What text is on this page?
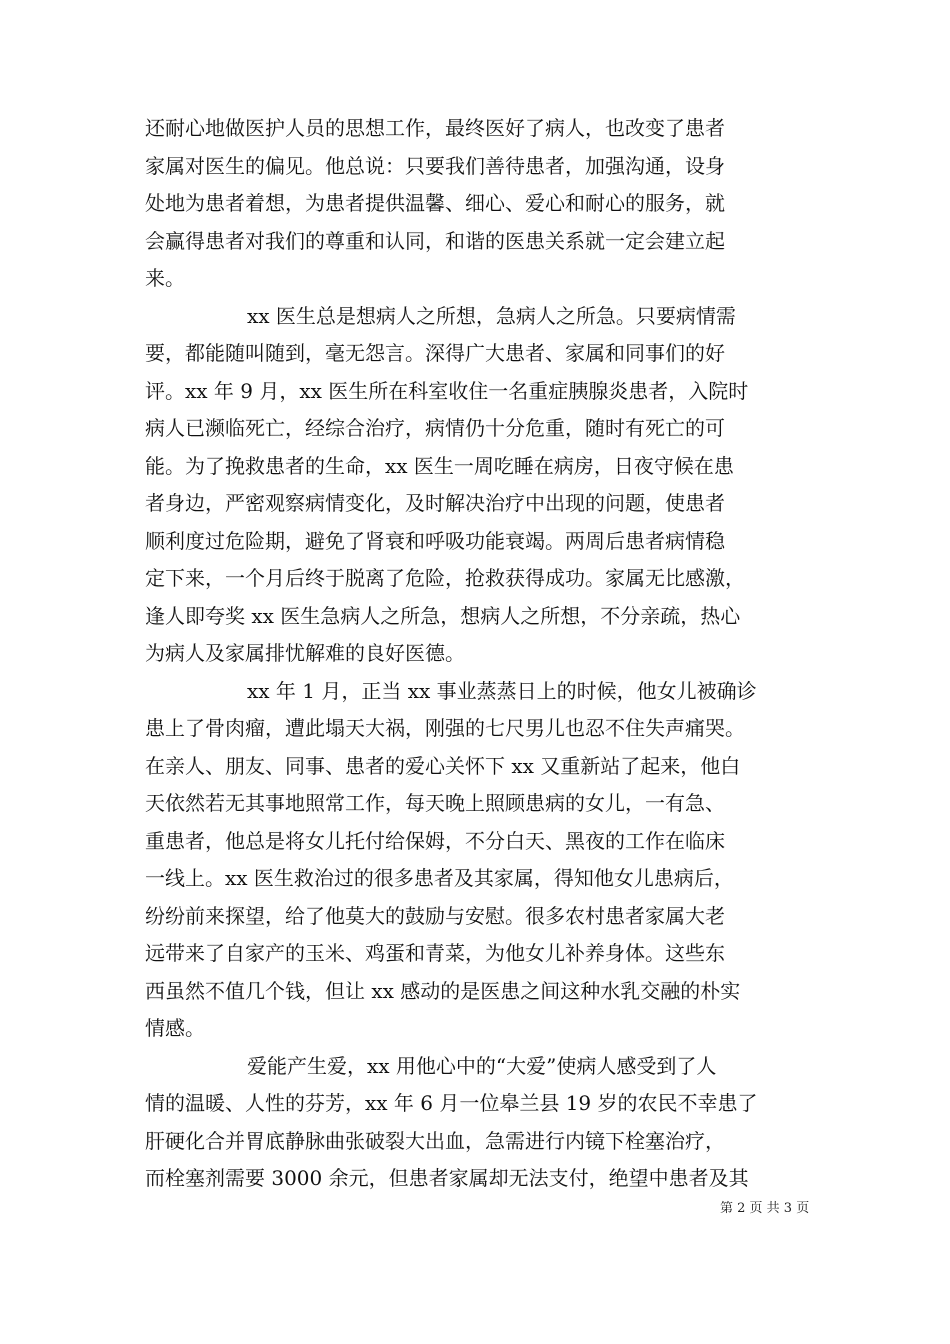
还耐心地做医护人员的思想工作，最终医好了病人，也改变了患者
家属对医生的偏见。他总说：只要我们善待患者，加强沟通，设身
处地为患者着想，为患者提供温馨、细心、爱心和耐心的服务，就
会赢得患者对我们的尊重和认同，和谐的医患关系就一定会建立起
来。
xx 医生总是想病人之所想，急病人之所急。只要病情需
要，都能随叫随到，毫无怨言。深得广大患者、家属和同事们的好
评。xx 年 9 月，xx 医生所在科室收住一名重症胰腺炎患者，入院时
病人已濒临死亡，经综合治疗，病情仍十分危重，随时有死亡的可
能。为了挽救患者的生命，xx 医生一周吃睡在病房，日夜守候在患
者身边，严密观察病情变化，及时解决治疗中出现的问题，使患者
顺利度过危险期，避免了肾衰和呼吸功能衰竭。两周后患者病情稳
定下来，一个月后终于脱离了危险，抢救获得成功。家属无比感激，
逢人即夸奖 xx 医生急病人之所急，想病人之所想，不分亲疏，热心
为病人及家属排忧解难的良好医德。
xx 年 1 月，正当 xx 事业蒸蒸日上的时候，他女儿被确诊
患上了骨肉瘤，遭此塌天大祸，刚强的七尺男儿也忍不住失声痛哭。
在亲人、朋友、同事、患者的爱心关怀下 xx 又重新站了起来，他白
天依然若无其事地照常工作，每天晚上照顾患病的女儿，一有急、
重患者，他总是将女儿托付给保姆，不分白天、黑夜的工作在临床
一线上。xx 医生救治过的很多患者及其家属，得知他女儿患病后，
纷纷前来探望，给了他莫大的鼓励与安慰。很多农村患者家属大老
远带来了自家产的玉米、鸡蛋和青菜，为他女儿补养身体。这些东
西虽然不值几个钱，但让 xx 感动的是医患之间这种水乳交融的朴实
情感。
爱能产生爱，xx 用他心中的“大爱”使病人感受到了人
情的温暖、人性的芬芳，xx 年 6 月一位皋兰县 19 岁的农民不幸患了
肝硬化合并胃底静脉曲张破裂大出血，急需进行内镜下栓塞治疗，
而栓塞剂需要 3000 余元，但患者家属却无法支付，绝望中患者及其
第 2 页 共 3 页
